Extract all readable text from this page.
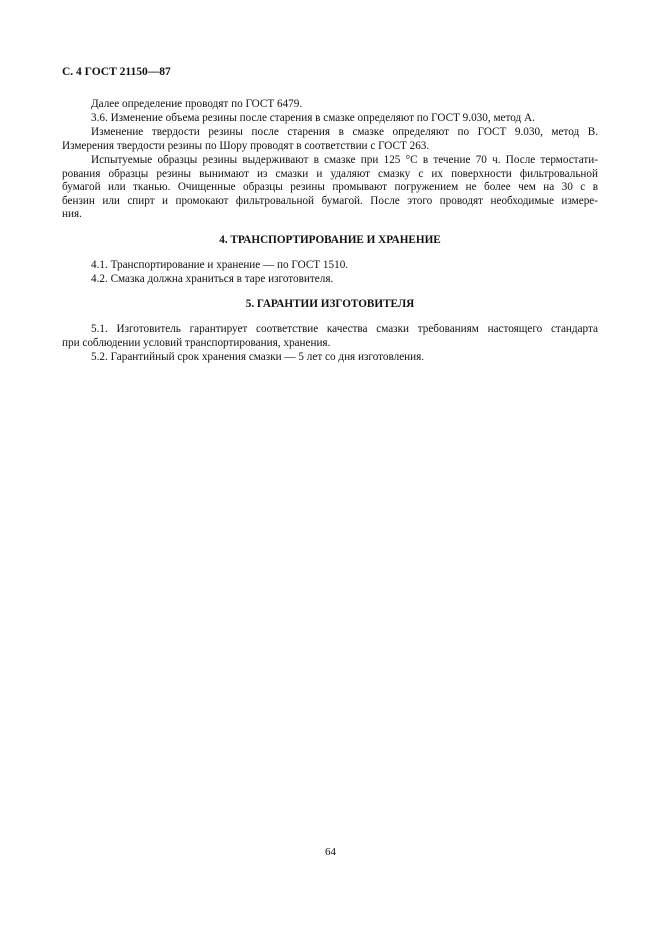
С. 4 ГОСТ 21150—87
Далее определение проводят по ГОСТ 6479.
3.6. Изменение объема резины после старения в смазке определяют по ГОСТ 9.030, метод А.
Изменение твердости резины после старения в смазке определяют по ГОСТ 9.030, метод В.
Измерения твердости резины по Шору проводят в соответствии с ГОСТ 263.
Испытуемые образцы резины выдерживают в смазке при 125 °С в течение 70 ч. После термостати-
рования образцы резины вынимают из смазки и удаляют смазку с их поверхности фильтровальной
бумагой или тканью. Очищенные образцы резины промывают погружением не более чем на 30 с в
бензин или спирт и промокают фильтровальной бумагой. После этого проводят необходимые измере-
ния.
4. ТРАНСПОРТИРОВАНИЕ И ХРАНЕНИЕ
4.1. Транспортирование и хранение — по ГОСТ 1510.
4.2. Смазка должна храниться в таре изготовителя.
5. ГАРАНТИИ ИЗГОТОВИТЕЛЯ
5.1. Изготовитель гарантирует соответствие качества смазки требованиям настоящего стандарта
при соблюдении условий транспортирования, хранения.
5.2. Гарантийный срок хранения смазки — 5 лет со дня изготовления.
64
